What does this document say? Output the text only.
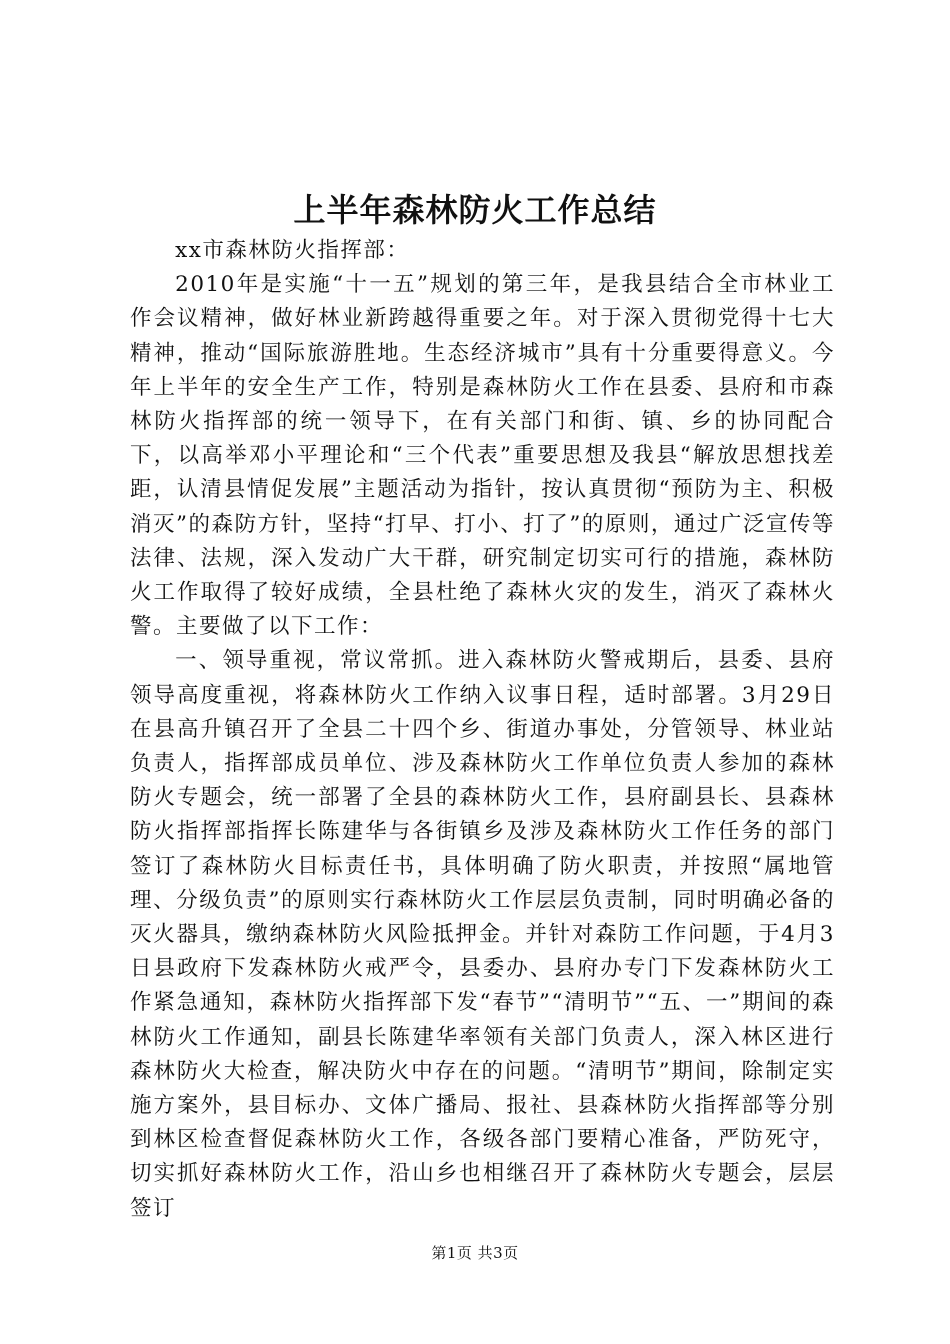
上半年森林防火工作总结

xx市森林防火指挥部：

2010年是实施“十一五”规划的第三年，是我县结合全市林业工作会议精神，做好林业新跨越得重要之年。对于深入贯彻党得十七大精神，推动“国际旅游胜地。生态经济城市”具有十分重要得意义。今年上半年的安全生产工作，特别是森林防火工作在县委、县府和市森林防火指挥部的统一领导下，在有关部门和街、镇、乡的协同配合下，以高举邓小平理论和“三个代表”重要思想及我县“解放思想找差距，认清县情促发展”主题活动为指针，按认真贯彻“预防为主、积极消灭”的森防方针，坚持“打早、打小、打了”的原则，通过广泛宣传等法律、法规，深入发动广大干群，研究制定切实可行的措施，森林防火工作取得了较好成绩，全县杜绝了森林火灾的发生，消灭了森林火警。主要做了以下工作：

一、领导重视，常议常抓。进入森林防火警戒期后，县委、县府领导高度重视，将森林防火工作纳入议事日程，适时部署。3月29日在县高升镇召开了全县二十四个乡、街道办事处，分管领导、林业站负责人，指挥部成员单位、涉及森林防火工作单位负责人参加的森林防火专题会，统一部署了全县的森林防火工作，县府副县长、县森林防火指挥部指挥长陈建华与各街镇乡及涉及森林防火工作任务的部门签订了森林防火目标责任书，具体明确了防火职责，并按照“属地管理、分级负责”的原则实行森林防火工作层层负责制，同时明确必备的灭火器具，缴纳森林防火风险抵押金。并针对森防工作问题，于4月3日县政府下发森林防火戒严令，县委办、县府办专门下发森林防火工作紧急通知，森林防火指挥部下发“春节”“清明节”“五、一”期间的森林防火工作通知，副县长陈建华率领有关部门负责人，深入林区进行森林防火大检查，解决防火中存在的问题。“清明节”期间，除制定实施方案外，县目标办、文体广播局、报社、县森林防火指挥部等分别到林区检查督促森林防火工作，各级各部门要精心准备，严防死守，切实抓好森林防火工作，沿山乡也相继召开了森林防火专题会，层层签订

第1页 共3页
